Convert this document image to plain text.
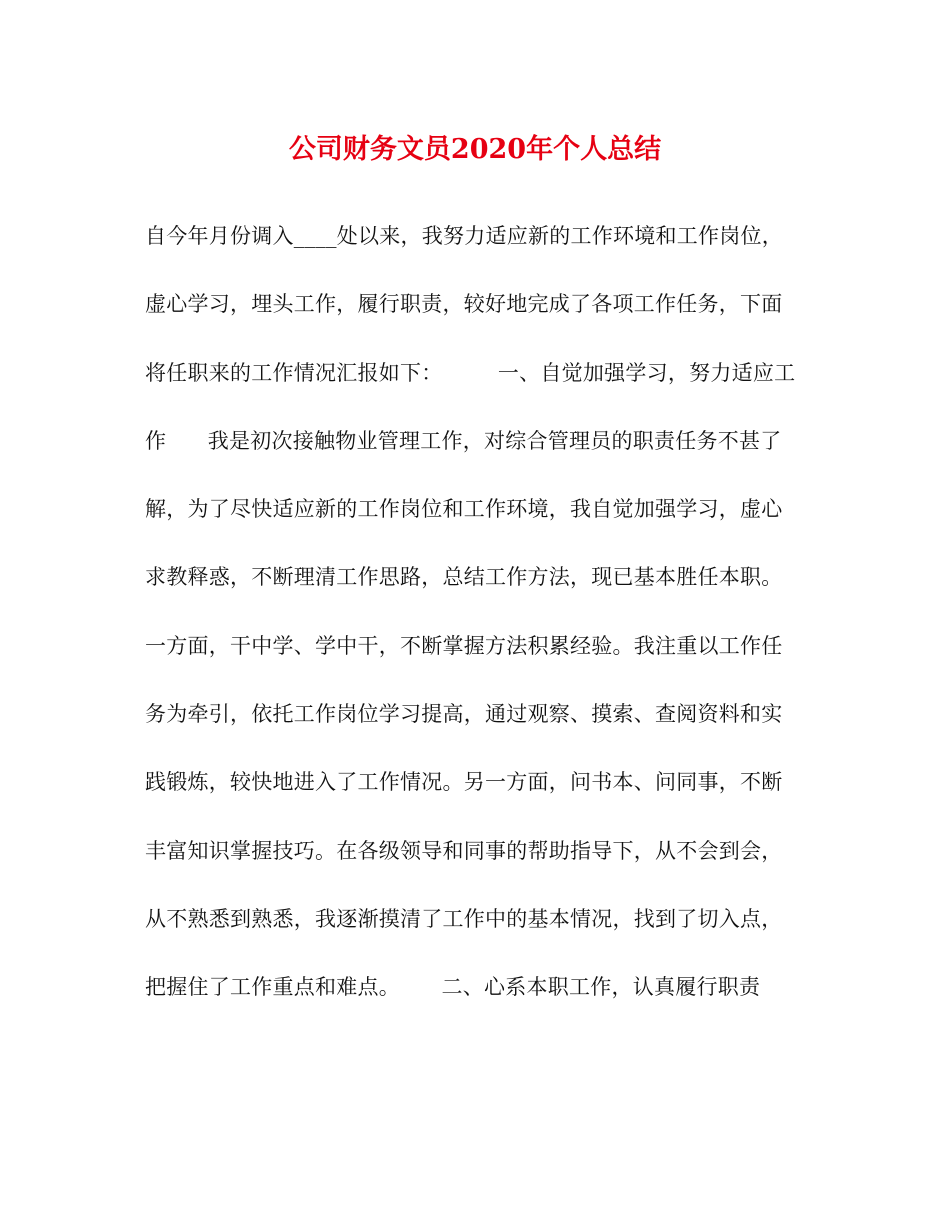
公司财务文员2020年个人总结
自今年月份调入____处以来，我努力适应新的工作环境和工作岗位，
虚心学习，埋头工作，履行职责，较好地完成了各项工作任务，下面
将任职来的工作情况汇报如下：        一、自觉加强学习，努力适应工
作      我是初次接触物业管理工作，对综合管理员的职责任务不甚了
解，为了尽快适应新的工作岗位和工作环境，我自觉加强学习，虚心
求教释惑，不断理清工作思路，总结工作方法，现已基本胜任本职。
一方面，干中学、学中干，不断掌握方法积累经验。我注重以工作任
务为牵引，依托工作岗位学习提高，通过观察、摸索、查阅资料和实
践锻炼，较快地进入了工作情况。另一方面，问书本、问同事，不断
丰富知识掌握技巧。在各级领导和同事的帮助指导下，从不会到会，
从不熟悉到熟悉，我逐渐摸清了工作中的基本情况，找到了切入点，
把握住了工作重点和难点。      二、心系本职工作，认真履行职责
